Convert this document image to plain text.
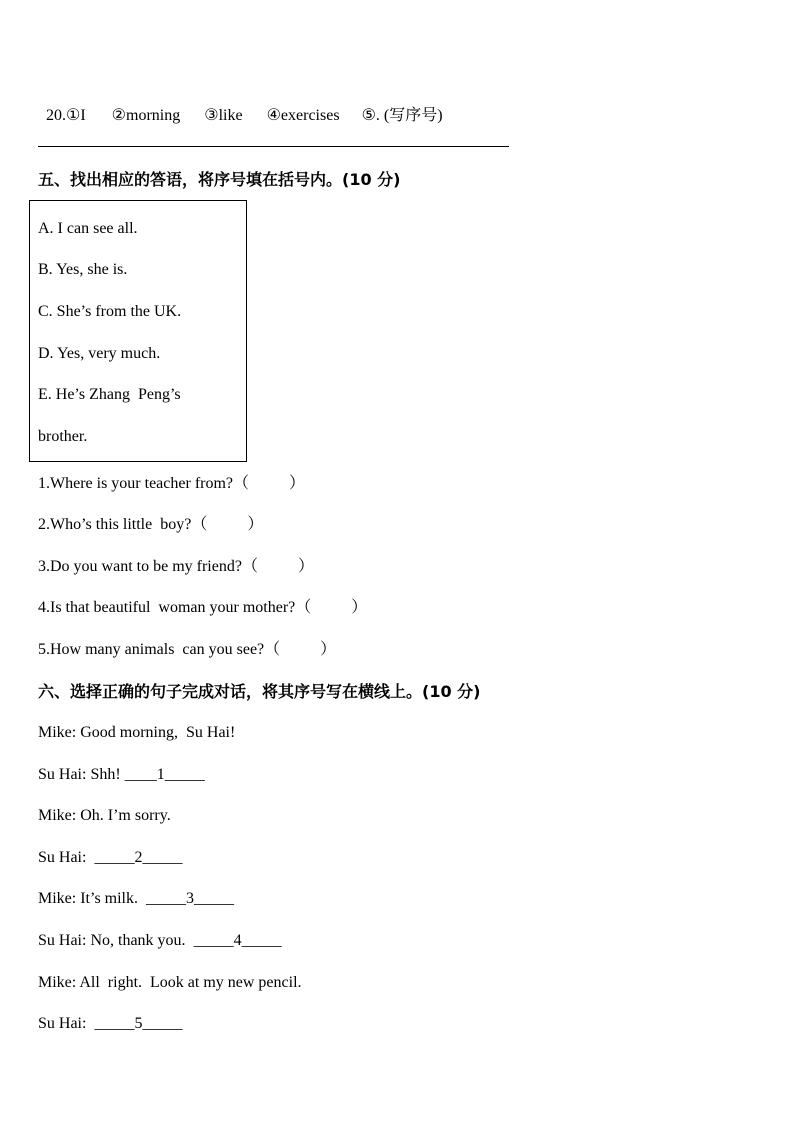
20.①I ②morning ③like ④exercises ⑤. (写序号)

五、找出相应的答语，将序号填在括号内。(10 分)
A. I can see all.
B. Yes, she is.
C. She’s from the UK.
D. Yes, very much.
E. He’s Zhang  Peng’s
brother.
1.Where is your teacher from?（          ）
2.Who’s this little  boy?（          ）
3.Do you want to be my friend?（          ）
4.Is that beautiful  woman your mother?（          ）
5.How many animals  can you see?（          ）
六、选择正确的句子完成对话，将其序号写在横线上。(10 分)
Mike: Good morning,  Su Hai!
Su Hai: Shh! ____1_____
Mike: Oh. I’m sorry.
Su Hai: _____2_____
Mike: It’s milk. _____3_____
Su Hai: No, thank you. _____4_____
Mike: All  right.  Look at my new pencil.
Su Hai: _____5_____
